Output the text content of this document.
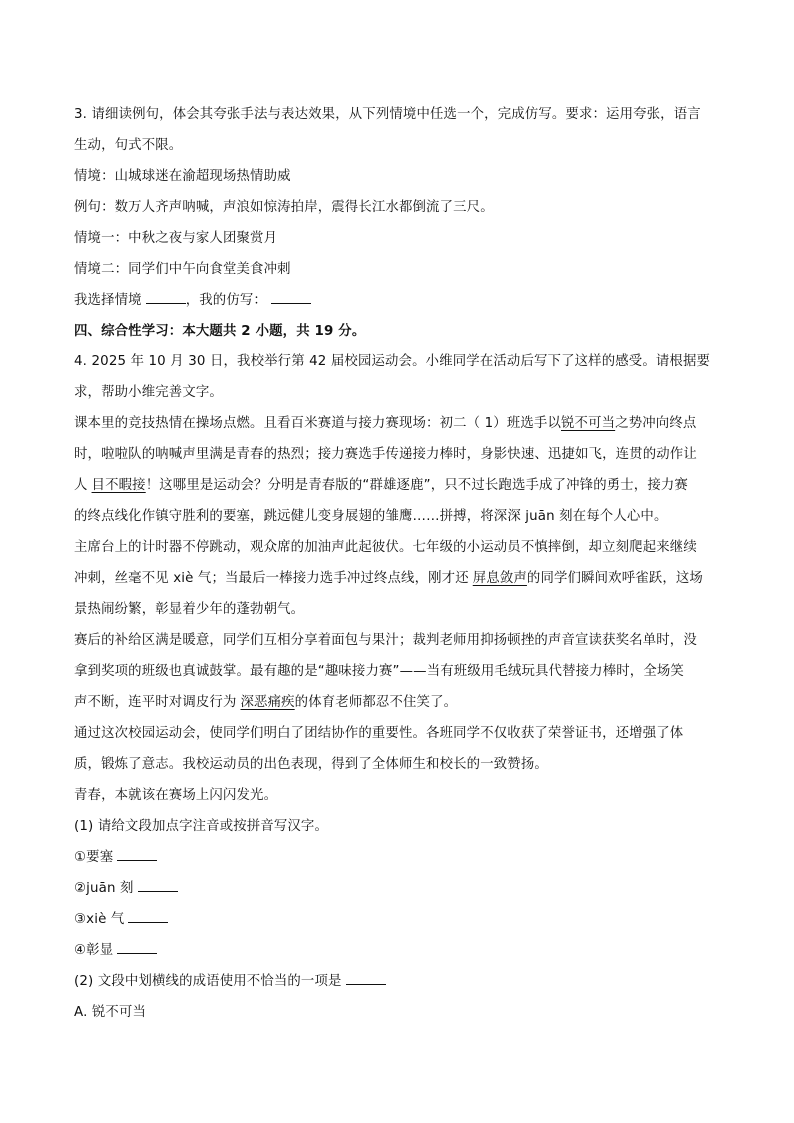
3. 请细读例句，体会其夸张手法与表达效果，从下列情境中任选一个，完成仿写。要求：运用夸张，语言
生动，句式不限。
情境：山城球迷在渝超现场热情助威
例句：数万人齐声呐喊，声浪如惊涛拍岸，震得长江水都倒流了三尺。
情境一：中秋之夜与家人团聚赏月
情境二：同学们中午向食堂美食冲刺
我选择情境	，我的仿写：
四、综合性学习：本大题共 2 小题，共 19 分。
4. 2025 年 10 月 30 日，我校举行第 42 届校园运动会。小维同学在活动后写下了这样的感受。请根据要
求，帮助小维完善文字。
课本里的竞技热情在操场点燃。且看百米赛道与接力赛现场：初二（ 1）班选手以锐不可当之势冲向终点
时，啦啦队的呐喊声里满是青春的热烈；接力赛选手传递接力棒时，身影快速、迅捷如飞，连贯的动作让
人 目不暇接！这哪里是运动会？分明是青春版的“群雄逐鹿”，只不过长跑选手成了冲锋的勇士，接力赛
的终点线化作镇守胜利的要塞，跳远健儿变身展翅的雏鹰……拼搏，将深深 juān 刻在每个人心中。
主席台上的计时器不停跳动，观众席的加油声此起彼伏。七年级的小运动员不慎摔倒，却立刻爬起来继续
冲刺，丝毫不见 xiè 气；当最后一棒接力选手冲过终点线，刚才还 屏息敛声的同学们瞬间欢呼雀跃，这场
景热闹纷繁，彰显着少年的蓬勃朝气。
赛后的补给区满是暖意，同学们互相分享着面包与果汁；裁判老师用抑扬顿挫的声音宣读获奖名单时，没
拿到奖项的班级也真诚鼓掌。最有趣的是“趣味接力赛”——当有班级用毛绒玩具代替接力棒时，全场笑
声不断，连平时对调皮行为 深恶痛疾的体育老师都忍不住笑了。
通过这次校园运动会，使同学们明白了团结协作的重要性。各班同学不仅收获了荣誉证书，还增强了体
质，锻炼了意志。我校运动员的出色表现，得到了全体师生和校长的一致赞扬。
青春，本就该在赛场上闪闪发光。
(1) 请给文段加点字注音或按拼音写汉字。
①要塞
②juān 刻
③xiè 气
④彰显
(2) 文段中划横线的成语使用不恰当的一项是
A. 锐不可当
